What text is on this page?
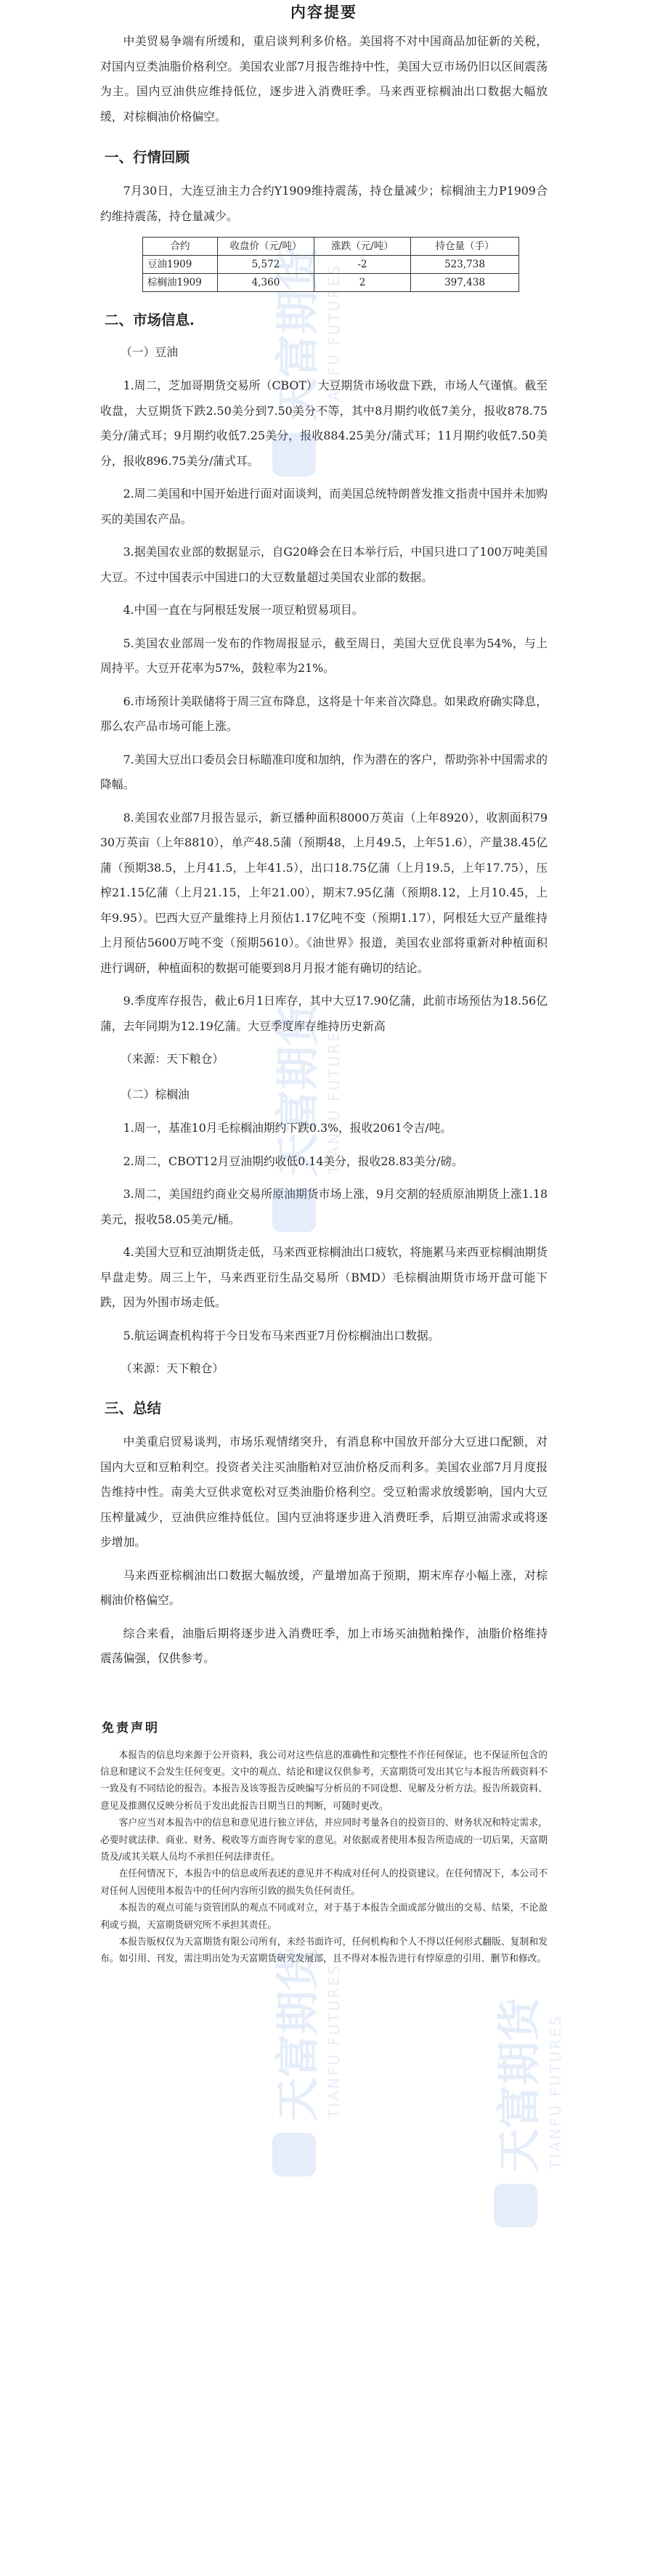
天富期货 TIANFU FUTURES
天富期货 TIANFU FUTURES
天富期货 TIANFU FUTURES	天富期货 TIANFU FUTURES
内容提要

中美贸易争端有所缓和，重启谈判利多价格。美国将不对中国商品加征新的关税，对国内豆类油脂价格利空。美国农业部7月报告维持中性，美国大豆市场仍旧以区间震荡为主。国内豆油供应维持低位，逐步进入消费旺季。马来西亚棕榈油出口数据大幅放缓，对棕榈油价格偏空。

一、行情回顾

7月30日，大连豆油主力合约Y1909维持震荡，持仓量减少；棕榈油主力P1909合约维持震荡，持仓量减少。

合约	收盘价（元/吨）	涨跌（元/吨）	持仓量（手）
豆油1909	5,572	-2	523,738
棕榈油1909	4,360	2	397,438
二、市场信息.

（一）豆油

1.周二，芝加哥期货交易所（CBOT）大豆期货市场收盘下跌，市场人气谨慎。截至收盘，大豆期货下跌2.50美分到7.50美分不等，其中8月期约收低7美分，报收878.75美分/蒲式耳；9月期约收低7.25美分，报收884.25美分/蒲式耳；11月期约收低7.50美分，报收896.75美分/蒲式耳。

2.周二美国和中国开始进行面对面谈判，而美国总统特朗普发推文指责中国并未加购买的美国农产品。

3.据美国农业部的数据显示，自G20峰会在日本举行后，中国只进口了100万吨美国大豆。不过中国表示中国进口的大豆数量超过美国农业部的数据。

4.中国一直在与阿根廷发展一项豆粕贸易项目。

5.美国农业部周一发布的作物周报显示，截至周日，美国大豆优良率为54%，与上周持平。大豆开花率为57%，鼓粒率为21%。

6.市场预计美联储将于周三宣布降息，这将是十年来首次降息。如果政府确实降息，那么农产品市场可能上涨。

7.美国大豆出口委员会日标瞄准印度和加纳，作为潜在的客户，帮助弥补中国需求的降幅。

8.美国农业部7月报告显示，新豆播种面积8000万英亩（上年8920），收割面积7930万英亩（上年8810），单产48.5蒲（预期48，上月49.5，上年51.6），产量38.45亿蒲（预期38.5，上月41.5，上年41.5），出口18.75亿蒲（上月19.5，上年17.75），压榨21.15亿蒲（上月21.15，上年21.00），期末7.95亿蒲（预期8.12，上月10.45，上年9.95）。巴西大豆产量维持上月预估1.17亿吨不变（预期1.17），阿根廷大豆产量维持上月预估5600万吨不变（预期5610）。《油世界》报道，美国农业部将重新对种植面积进行调研，种植面积的数据可能要到8月月报才能有确切的结论。

9.季度库存报告，截止6月1日库存，其中大豆17.90亿蒲，此前市场预估为18.56亿蒲，去年同期为12.19亿蒲。大豆季度库存维持历史新高

（来源：天下粮仓）

（二）棕榈油

1.周一，基准10月毛棕榈油期约下跌0.3%，报收2061令吉/吨。

2.周二，CBOT12月豆油期约收低0.14美分，报收28.83美分/磅。

3.周二，美国纽约商业交易所原油期货市场上涨，9月交割的轻质原油期货上涨1.18美元，报收58.05美元/桶。

4.美国大豆和豆油期货走低，马来西亚棕榈油出口疲软，将施累马来西亚棕榈油期货早盘走势。周三上午，马来西亚衍生品交易所（BMD）毛棕榈油期货市场开盘可能下跌，因为外围市场走低。

5.航运调查机构将于今日发布马来西亚7月份棕榈油出口数据。

（来源：天下粮仓）

三、总结

中美重启贸易谈判，市场乐观情绪突升，有消息称中国放开部分大豆进口配额，对国内大豆和豆粕利空。投资者关注买油脂粕对豆油价格反而利多。美国农业部7月月度报告维持中性。南美大豆供求宽松对豆类油脂价格利空。受豆粕需求放缓影响，国内大豆压榨量减少，豆油供应维持低位。国内豆油将逐步进入消费旺季，后期豆油需求或将逐步增加。

马来西亚棕榈油出口数据大幅放缓，产量增加高于预期，期末库存小幅上涨，对棕榈油价格偏空。

综合来看，油脂后期将逐步进入消费旺季，加上市场买油抛粕操作，油脂价格维持震荡偏强，仅供参考。

免责声明

本报告的信息均来源于公开资料，我公司对这些信息的准确性和完整性不作任何保证，也不保证所包含的信息和建议不会发生任何变更。文中的观点、结论和建议仅供参考，天富期货可发出其它与本报告所载资料不一致及有不同结论的报告。本报告及该等报告反映编写分析员的不同设想、见解及分析方法。报告所载资料、意见及推测仅反映分析员于发出此报告日期当日的判断，可随时更改。

客户应当对本报告中的信息和意见进行独立评估，并应同时考量各自的投资目的、财务状况和特定需求，必要时就法律、商业、财务、税收等方面咨询专家的意见。对依据或者使用本报告所造成的一切后果，天富期货及/或其关联人员均不承担任何法律责任。

在任何情况下，本报告中的信息或所表述的意见并不构成对任何人的投资建议。在任何情况下，本公司不对任何人因使用本报告中的任何内容所引致的损失负任何责任。

本报告的观点可能与资管团队的观点不同或对立，对于基于本报告全面或部分做出的交易、结果，不论盈利或亏损，天富期货研究所不承担其责任。

本报告版权仅为天富期货有限公司所有，未经书面许可，任何机构和个人不得以任何形式翻版、复制和发布。如引用、刊发，需注明出处为天富期货研究发展部，且不得对本报告进行有悖原意的引用、删节和修改。
